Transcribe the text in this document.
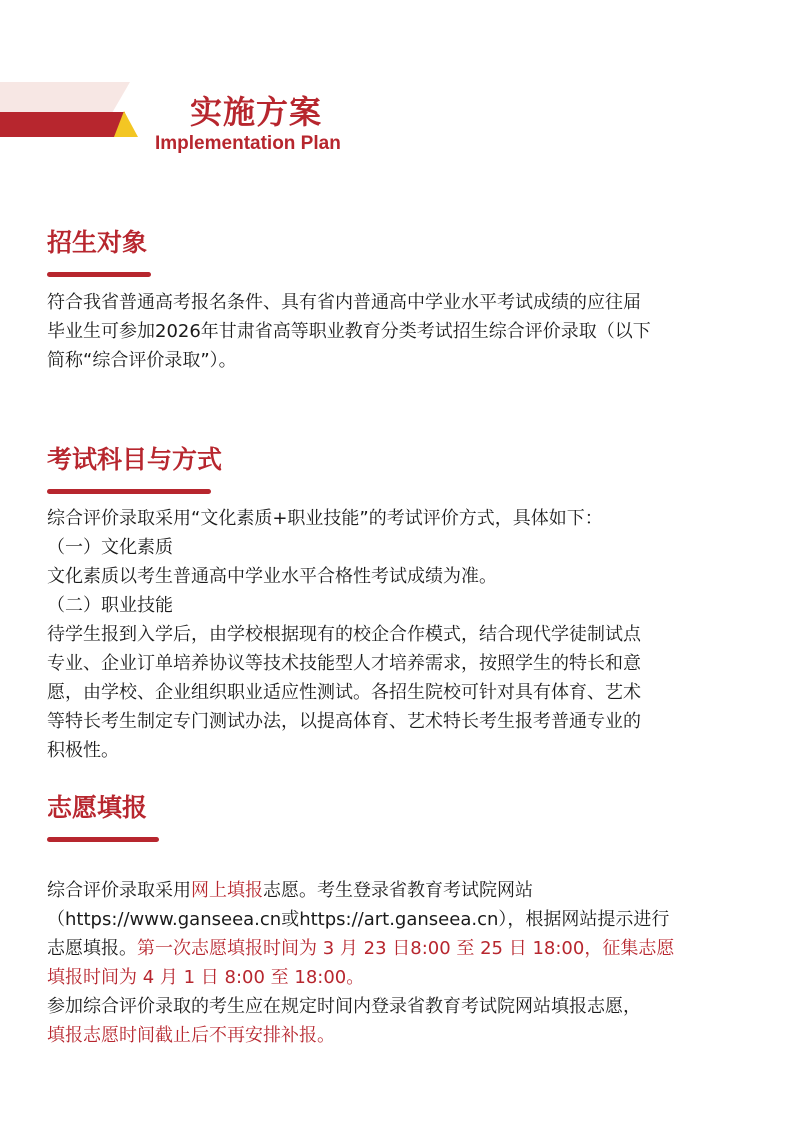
实施方案
Implementation Plan
招生对象
符合我省普通高考报名条件、具有省内普通高中学业水平考试成绩的应往届
毕业生可参加2026年甘肃省高等职业教育分类考试招生综合评价录取（以下
简称“综合评价录取”）。
考试科目与方式
综合评价录取采用“文化素质+职业技能”的考试评价方式，具体如下：
（一）文化素质
文化素质以考生普通高中学业水平合格性考试成绩为准。
（二）职业技能
待学生报到入学后，由学校根据现有的校企合作模式，结合现代学徒制试点
专业、企业订单培养协议等技术技能型人才培养需求，按照学生的特长和意
愿，由学校、企业组织职业适应性测试。各招生院校可针对具有体育、艺术
等特长考生制定专门测试办法，以提高体育、艺术特长考生报考普通专业的
积极性。
志愿填报
综合评价录取采用网上填报志愿。考生登录省教育考试院网站
（https://www.ganseea.cn或https://art.ganseea.cn），根据网站提示进行
志愿填报。第一次志愿填报时间为 3 月 23 日8:00 至 25 日 18:00，征集志愿
填报时间为 4 月 1 日 8:00 至 18:00。
参加综合评价录取的考生应在规定时间内登录省教育考试院网站填报志愿，
填报志愿时间截止后不再安排补报。
